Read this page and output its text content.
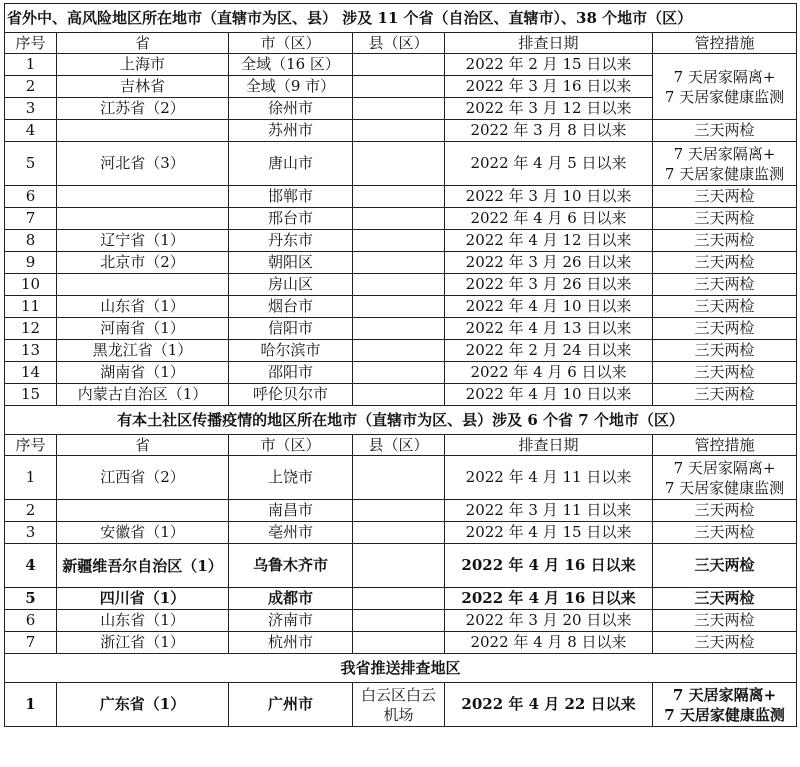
省外中、高风险地区所在地市（直辖市为区、县） 涉及 11 个省（自治区、直辖市）、38 个地市（区）					
序号	省	市（区）	县（区）	排查日期	管控措施
1	上海市	全域（16 区）		2022 年 2 月 15 日以来	7 天居家隔离+
7 天居家健康监测

2	吉林省	全域（9 市）		2022 年 3 月 16 日以来	
3	江苏省（2）	徐州市		2022 年 3 月 12 日以来	
4		苏州市		2022 年 3 月 8 日以来	三天两检
5	河北省（3）	唐山市		2022 年 4 月 5 日以来	7 天居家隔离+
7 天居家健康监测

6		邯郸市		2022 年 3 月 10 日以来	三天两检
7		邢台市		2022 年 4 月 6 日以来	三天两检
8	辽宁省（1）	丹东市		2022 年 4 月 12 日以来	三天两检
9	北京市（2）	朝阳区		2022 年 3 月 26 日以来	三天两检
10		房山区		2022 年 3 月 26 日以来	三天两检
11	山东省（1）	烟台市		2022 年 4 月 10 日以来	三天两检
12	河南省（1）	信阳市		2022 年 4 月 13 日以来	三天两检
13	黑龙江省（1）	哈尔滨市		2022 年 2 月 24 日以来	三天两检
14	湖南省（1）	邵阳市		2022 年 4 月 6 日以来	三天两检
15	内蒙古自治区（1）	呼伦贝尔市		2022 年 4 月 10 日以来	三天两检
有本土社区传播疫情的地区所在地市（直辖市为区、县）涉及 6 个省 7 个地市（区）					
序号	省	市（区）	县（区）	排查日期	管控措施
1	江西省（2）	上饶市		2022 年 4 月 11 日以来	7 天居家隔离+
7 天居家健康监测

2		南昌市		2022 年 3 月 11 日以来	三天两检
3	安徽省（1）	亳州市		2022 年 4 月 15 日以来	三天两检
4	新疆维吾尔自治区（1）	乌鲁木齐市		2022 年 4 月 16 日以来	三天两检
5	四川省（1）	成都市		2022 年 4 月 16 日以来	三天两检
6	山东省（1）	济南市		2022 年 3 月 20 日以来	三天两检
7	浙江省（1）	杭州市		2022 年 4 月 8 日以来	三天两检
我省推送排查地区					
1	广东省（1）	广州市	白云区白云机场	2022 年 4 月 22 日以来	7 天居家隔离+
7 天居家健康监测
